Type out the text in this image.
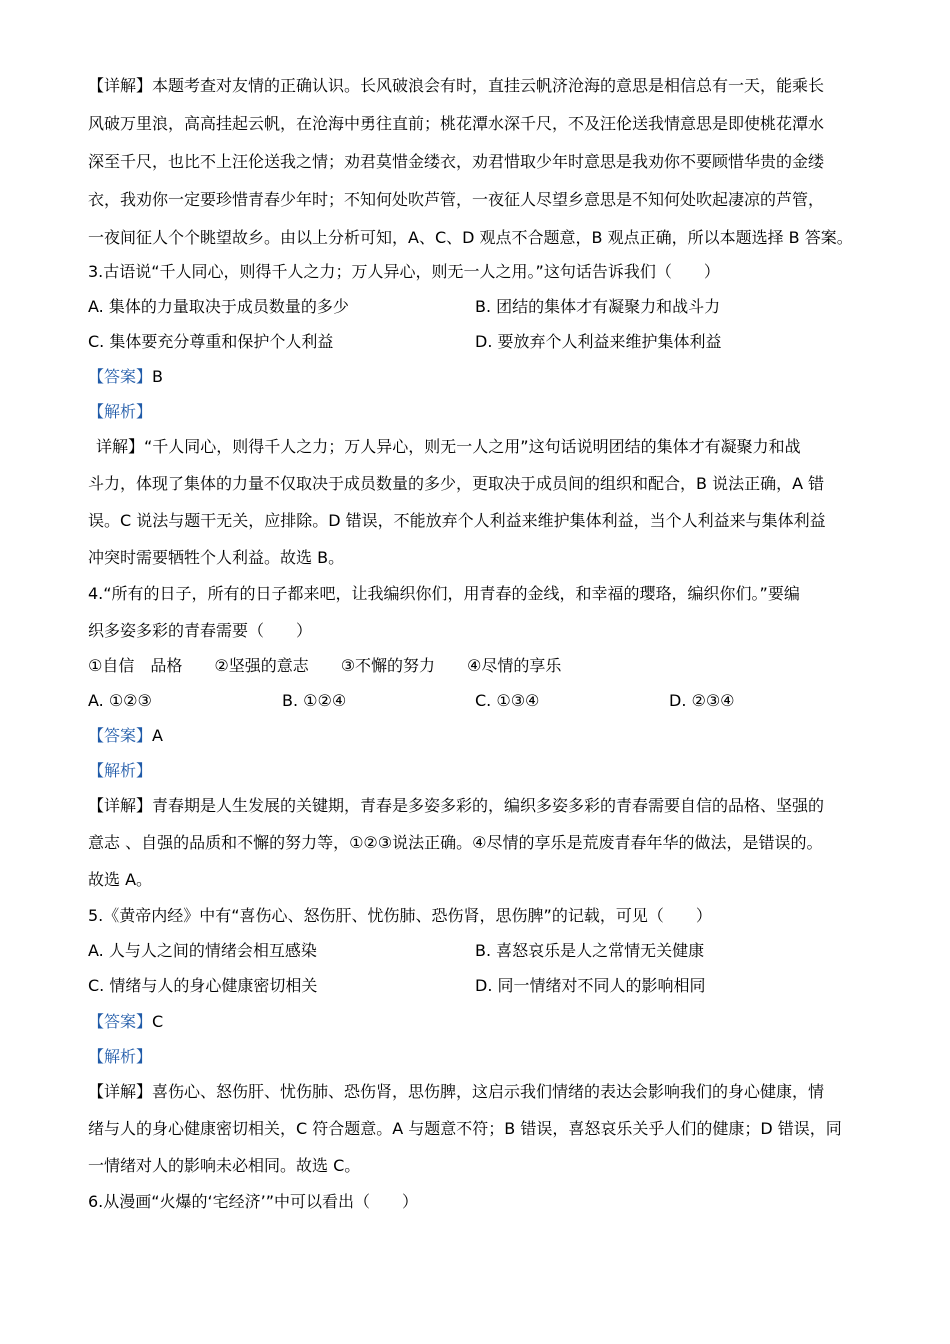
【详解】本题考查对友情的正确认识。长风破浪会有时，直挂云帆济沧海的意思是相信总有一天，能乘长
风破万里浪，高高挂起云帆，在沧海中勇往直前；桃花潭水深千尺，不及汪伦送我情意思是即使桃花潭水
深至千尺，也比不上汪伦送我之情；劝君莫惜金缕衣，劝君惜取少年时意思是我劝你不要顾惜华贵的金缕
衣，我劝你一定要珍惜青春少年时；不知何处吹芦管，一夜征人尽望乡意思是不知何处吹起凄凉的芦管，
一夜间征人个个眺望故乡。由以上分析可知，A、C、D 观点不合题意，B 观点正确，所以本题选择 B 答案。
3.古语说“千人同心，则得千人之力；万人异心，则无一人之用。”这句话告诉我们（　　）
A. 集体的力量取决于成员数量的多少	B. 团结的集体才有凝聚力和战斗力
C. 集体要充分尊重和保护个人利益	D. 要放弃个人利益来维护集体利益
【答案】B
【解析】
详解】“千人同心，则得千人之力；万人异心，则无一人之用”这句话说明团结的集体才有凝聚力和战
斗力，体现了集体的力量不仅取决于成员数量的多少，更取决于成员间的组织和配合，B 说法正确，A 错
误。C 说法与题干无关，应排除。D 错误，不能放弃个人利益来维护集体利益，当个人利益来与集体利益
冲突时需要牺牲个人利益。故选 B。
4.“所有的日子，所有的日子都来吧，让我编织你们，用青春的金线，和幸福的璎珞，编织你们。”要编
织多姿多彩的青春需要（　　）
①自信　品格　　②坚强的意志　　③不懈的努力　　④尽情的享乐
A. ①②③	B. ①②④	C. ①③④	D. ②③④
【答案】A
【解析】
【详解】青春期是人生发展的关键期，青春是多姿多彩的，编织多姿多彩的青春需要自信的品格、坚强的
意志 、自强的品质和不懈的努力等，①②③说法正确。④尽情的享乐是荒废青春年华的做法，是错误的。
故选 A。
5.《黄帝内经》中有“喜伤心、怒伤肝、忧伤肺、恐伤肾，思伤脾”的记载，可见（　　）
A. 人与人之间的情绪会相互感染	B. 喜怒哀乐是人之常情无关健康
C. 情绪与人的身心健康密切相关	D. 同一情绪对不同人的影响相同
【答案】C
【解析】
【详解】喜伤心、怒伤肝、忧伤肺、恐伤肾，思伤脾，这启示我们情绪的表达会影响我们的身心健康，情
绪与人的身心健康密切相关，C 符合题意。A 与题意不符；B 错误，喜怒哀乐关乎人们的健康；D 错误，同
一情绪对人的影响未必相同。故选 C。
6.从漫画“火爆的‘宅经济’”中可以看出（　　）
